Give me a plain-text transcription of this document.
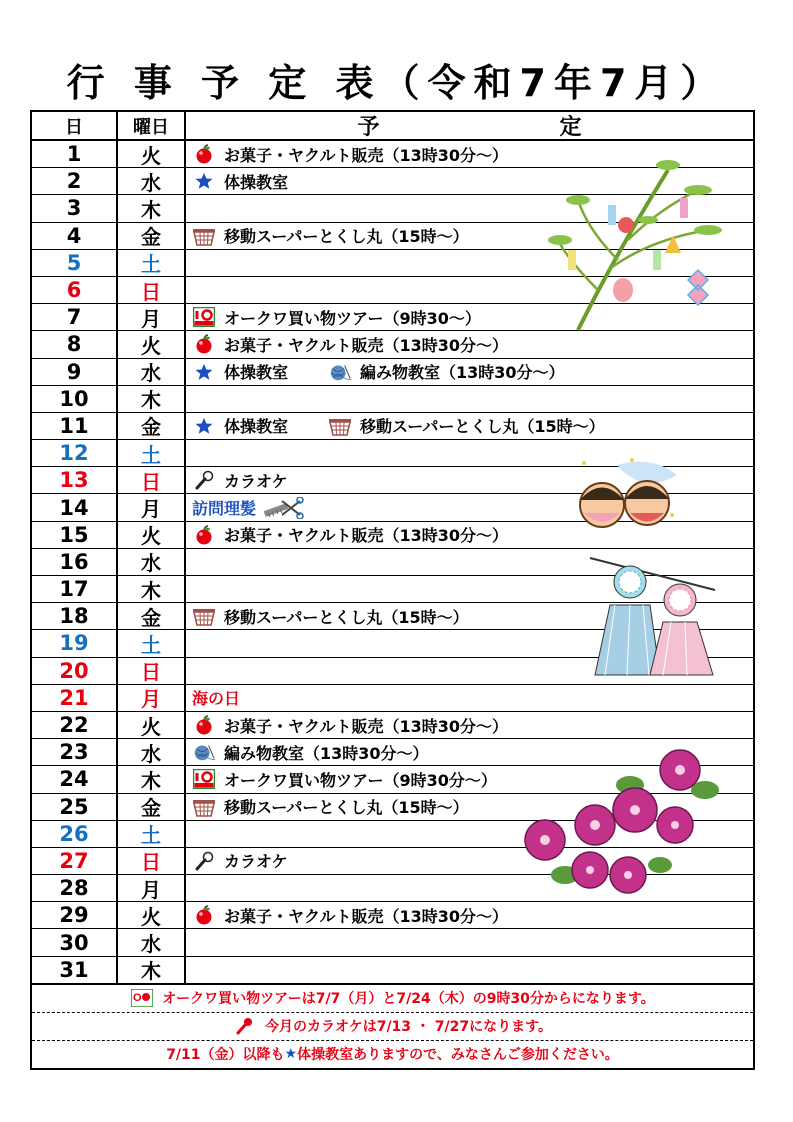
行 事 予 定 表（令和7年7月）
日	曜日	予	定
1	火	お菓子・ヤクルト販売（13時30分～）
2	水	体操教室
3	木
4	金	移動スーパーとくし丸（15時～）
5	土
6	日
7	月	オークワ買い物ツアー（9時30～）
8	火	お菓子・ヤクルト販売（13時30分～）
9	水	体操教室	編み物教室（13時30分～）
10	木
11	金	体操教室	移動スーパーとくし丸（15時～）
12	土
13	日	カラオケ
14	月	訪問理髪
15	火	お菓子・ヤクルト販売（13時30分～）
16	水
17	木
18	金	移動スーパーとくし丸（15時～）
19	土
20	日
21	月	海の日
22	火	お菓子・ヤクルト販売（13時30分～）
23	水	編み物教室（13時30分～）
24	木	オークワ買い物ツアー（9時30分～）
25	金	移動スーパーとくし丸（15時～）
26	土
27	日	カラオケ
28	月
29	火	お菓子・ヤクルト販売（13時30分～）
30	水
31	木
O オークワ買い物ツアーは7/7（月）と7/24（木）の9時30分からになります。
今月のカラオケは7/13 ・ 7/27になります。
7/11（金）以降も ★ 体操教室ありますので、みなさんご参加ください。
